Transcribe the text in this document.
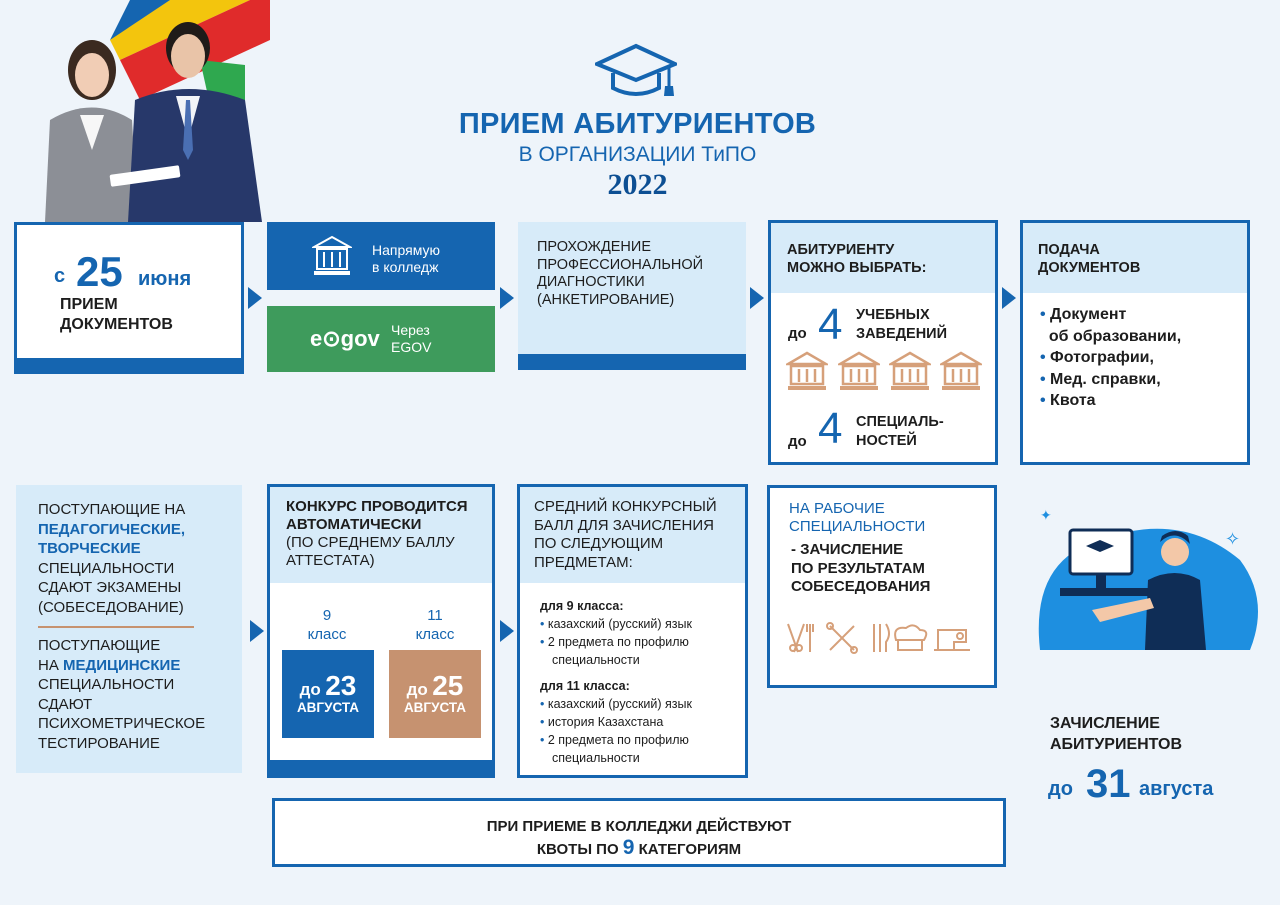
ПРИЕМ АБИТУРИЕНТОВ
В ОРГАНИЗАЦИИ ТиПО
2022
с 25 июня
ПРИЕМ
ДОКУМЕНТОВ
Напрямую
в колледж
e⊙gov Через
EGOV
ПРОХОЖДЕНИЕ
ПРОФЕССИОНАЛЬНОЙ
ДИАГНОСТИКИ
(АНКЕТИРОВАНИЕ)
АБИТУРИЕНТУ
МОЖНО ВЫБРАТЬ:
до 4 УЧЕБНЫХ
ЗАВЕДЕНИЙ
до 4 СПЕЦИАЛЬ-
НОСТЕЙ
ПОДАЧА
ДОКУМЕНТОВ
• Документ
об образовании,
• Фотографии,
• Мед. справки,
• Квота
ПОСТУПАЮЩИЕ НА
ПЕДАГОГИЧЕСКИЕ,
ТВОРЧЕСКИЕ
СПЕЦИАЛЬНОСТИ
СДАЮТ ЭКЗАМЕНЫ
(СОБЕСЕДОВАНИЕ)
ПОСТУПАЮЩИЕ
НА МЕДИЦИНСКИЕ
СПЕЦИАЛЬНОСТИ
СДАЮТ
ПСИХОМЕТРИЧЕСКОЕ
ТЕСТИРОВАНИЕ
КОНКУРС ПРОВОДИТСЯ
АВТОМАТИЧЕСКИ
(ПО СРЕДНЕМУ БАЛЛУ
АТТЕСТАТА)
9
класс
11
класс
до 23
АВГУСТА
до 25
АВГУСТА
СРЕДНИЙ КОНКУРСНЫЙ
БАЛЛ ДЛЯ ЗАЧИСЛЕНИЯ
ПО СЛЕДУЮЩИМ
ПРЕДМЕТАМ:
для 9 класса:
• казахский (русский) язык
• 2 предмета по профилю
специальности
для 11 класса:
• казахский (русский) язык
• история Казахстана
• 2 предмета по профилю
специальности
НА РАБОЧИЕ
СПЕЦИАЛЬНОСТИ
- ЗАЧИСЛЕНИЕ
ПО РЕЗУЛЬТАТАМ
СОБЕСЕДОВАНИЯ
✦
✧
ЗАЧИСЛЕНИЕ
АБИТУРИЕНТОВ
до 31 августа
ПРИ ПРИЕМЕ В КОЛЛЕДЖИ ДЕЙСТВУЮТ
КВОТЫ ПО 9 КАТЕГОРИЯМ
